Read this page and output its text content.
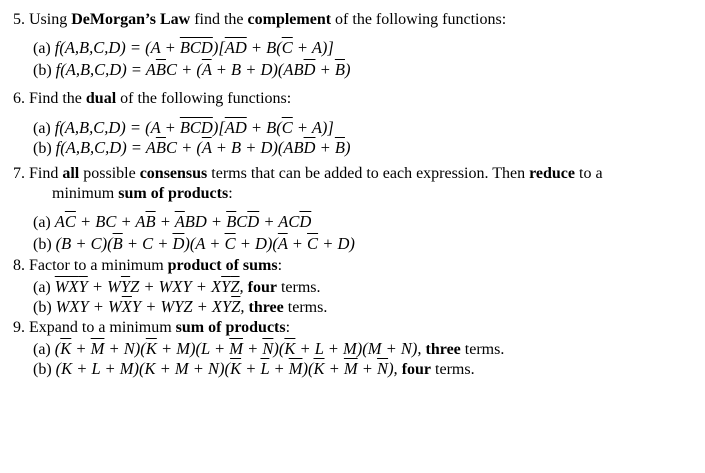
5. Using DeMorgan’s Law find the complement of the following functions:
(a) $f(A,B,C,D) = (A + \overline{BCD})[\overline{AD} + B(\overline{C} + A)]$
(b) $f(A,B,C,D) = A\overline{B}C + (\overline{A} + B + D)(AB\overline{D} + \overline{B})$
6. Find the dual of the following functions:
(a) $f(A,B,C,D) = (A + \overline{BCD})[\overline{AD} + B(\overline{C} + A)]$
(b) $f(A,B,C,D) = A\overline{B}C + (\overline{A} + B + D)(AB\overline{D} + \overline{B})$
7. Find all possible consensus terms that can be added to each expression. Then reduce to a
minimum sum of products:
(a) $A\overline{C}$ + BC + $A\overline{B} + \overline{A}BD + \overline{B}C\overline{D} + AC\overline{D}$
(b) $(B + C)(\overline{B} + C + \overline{D})(A + \overline{C} + D)(\overline{A} + \overline{C} + D)$
8. Factor to a minimum product of sums:
(a) $\overline{W}\overline{X}\overline{Y} + W\overline{Y}Z$ + WXY + $X\overline{Y}\overline{Z}$, four terms.
(b) WXY + $W\overline{X}Y$ + WYZ + $XY\overline{Z}$, three terms.
9. Expand to a minimum sum of products:
(a) $(\overline{K} + \overline{M} + N)(\overline{K} + M)(L + \overline{M} + \overline{N})(\overline{K} + L + M)(M + N)$, three terms.
(b) $(K + L + M)(K + M + N)(\overline{K} + \overline{L} + \overline{M})(\overline{K} + \overline{M} + \overline{N})$, four terms.
